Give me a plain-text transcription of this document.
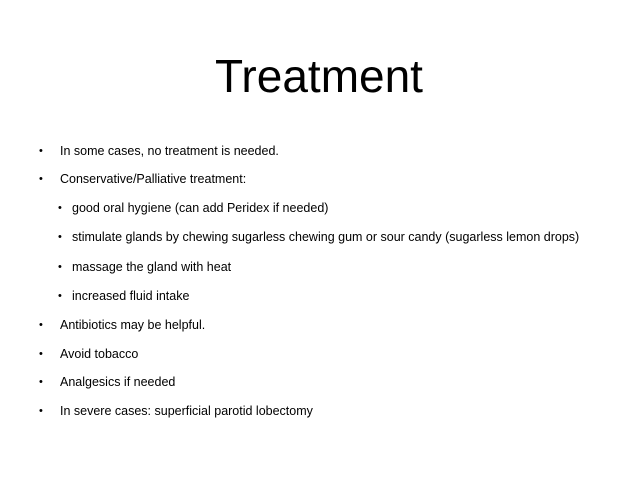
Treatment
• In some cases, no treatment is needed.
• Conservative/Palliative treatment:
• good oral hygiene (can add Peridex if needed)
• stimulate glands by chewing sugarless chewing gum or sour candy (sugarless lemon drops)
• massage the gland with heat
• increased fluid intake
• Antibiotics may be helpful.
• Avoid tobacco
• Analgesics if needed
• In severe cases: superficial parotid lobectomy
